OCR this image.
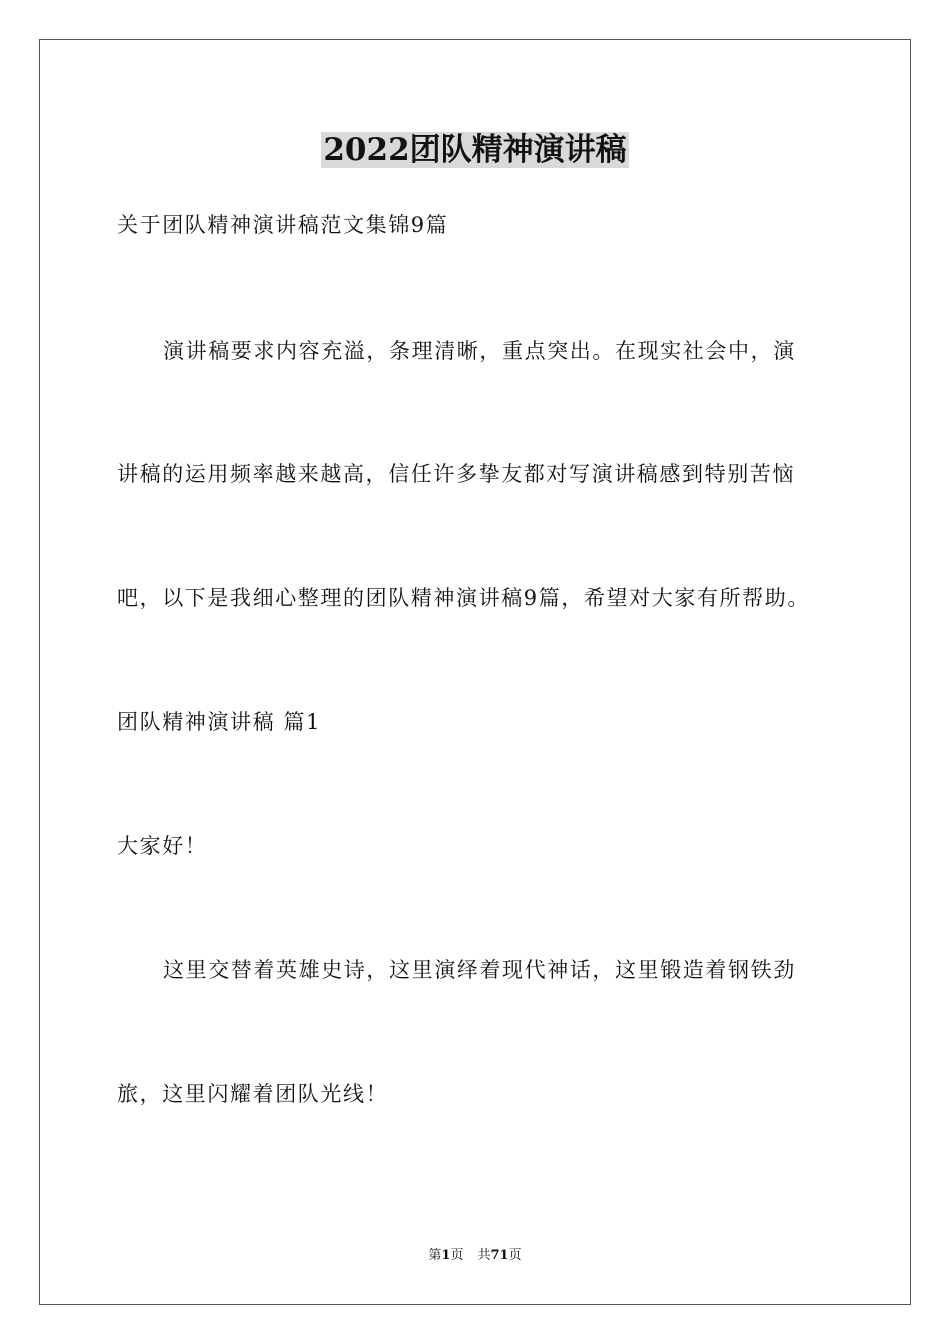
2022团队精神演讲稿
关于团队精神演讲稿范文集锦9篇
演讲稿要求内容充溢，条理清晰，重点突出。在现实社会中，演
讲稿的运用频率越来越高，信任许多挚友都对写演讲稿感到特别苦恼
吧，以下是我细心整理的团队精神演讲稿9篇，希望对大家有所帮助。
团队精神演讲稿 篇1
大家好！
这里交替着英雄史诗，这里演绎着现代神话，这里锻造着钢铁劲
旅，这里闪耀着团队光线！
第1页 共71页
